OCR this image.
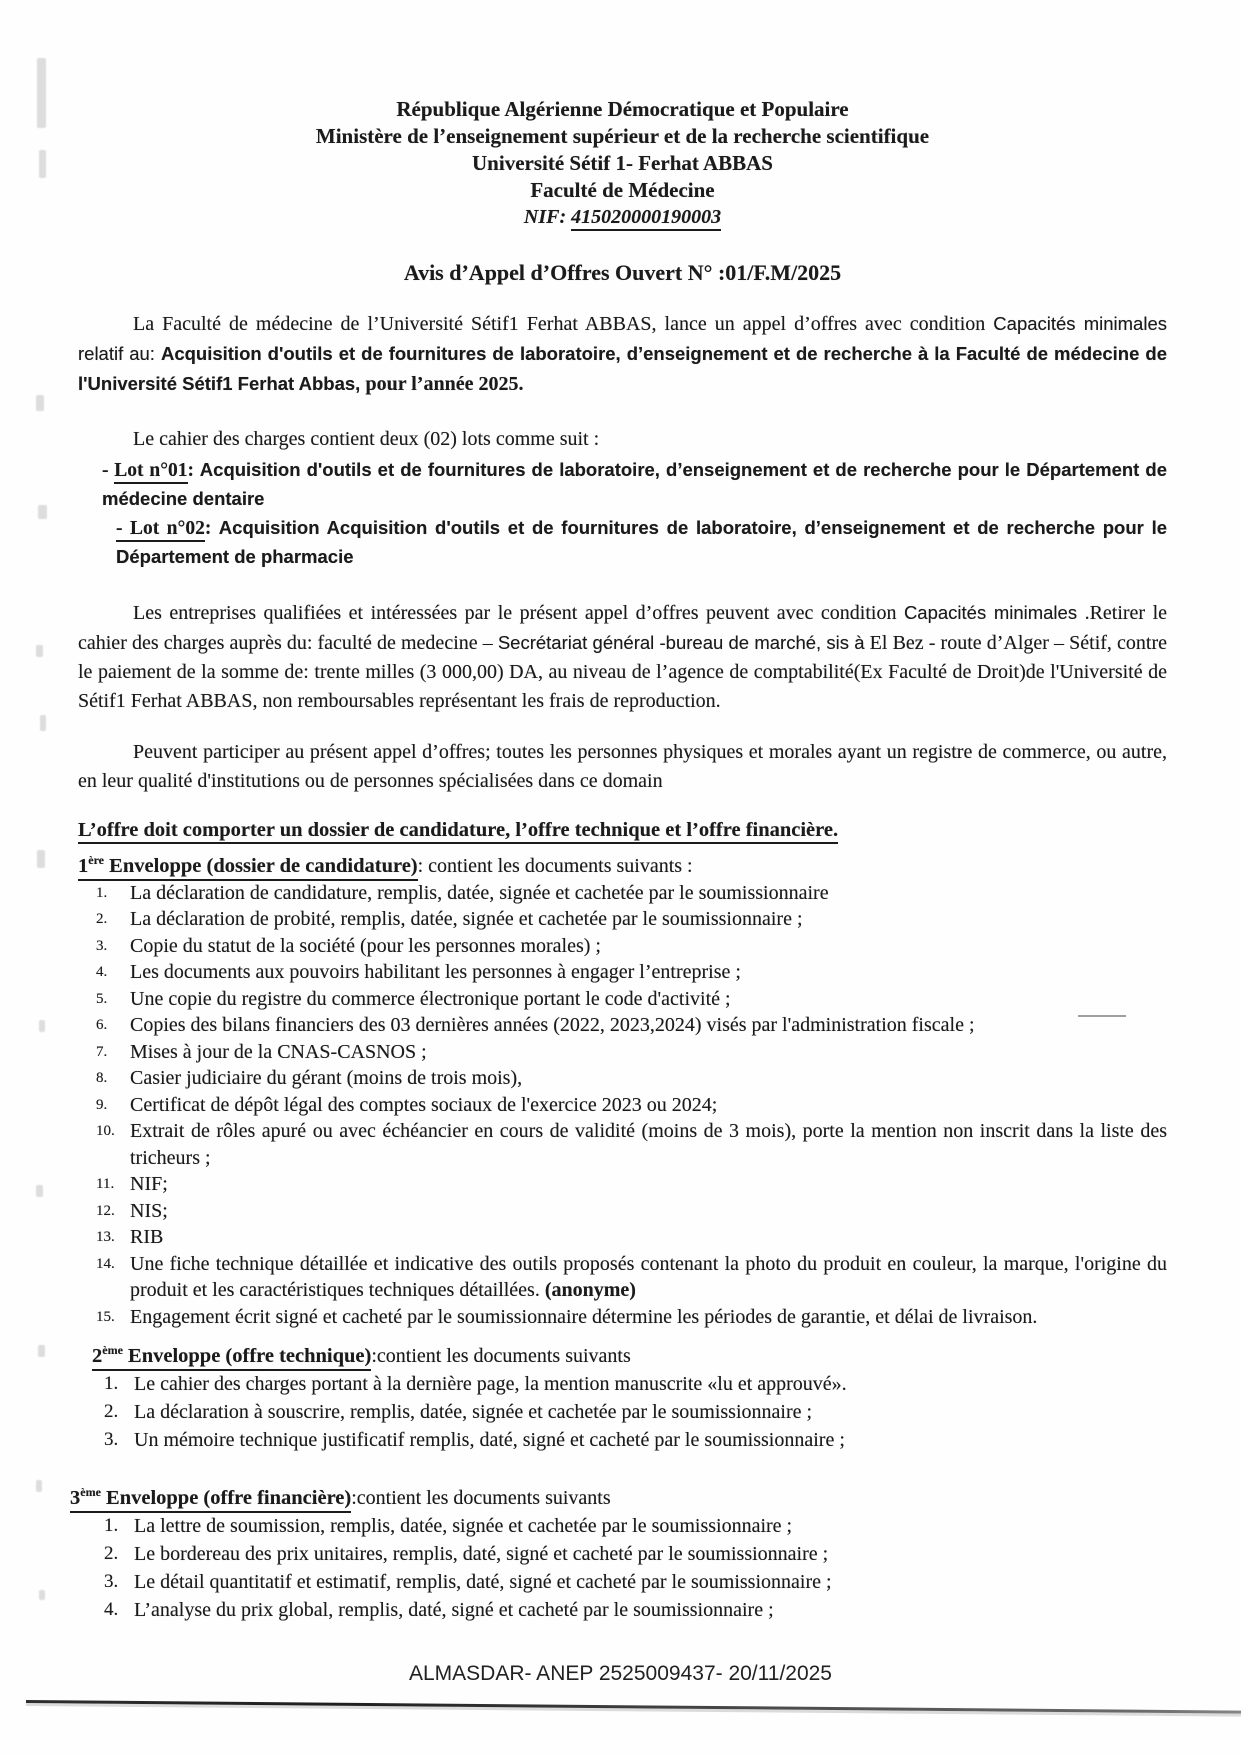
République Algérienne Démocratique et Populaire
Ministère de l’enseignement supérieur et de la recherche scientifique
Université Sétif 1- Ferhat ABBAS
Faculté de Médecine
NIF: 415020000190003
Avis d’Appel d’Offres Ouvert N° :01/F.M/2025

La Faculté de médecine de l’Université Sétif1 Ferhat ABBAS, lance un appel d’offres avec condition Capacités minimales relatif au: Acquisition d'outils et de fournitures de laboratoire, d’enseignement et de recherche à la Faculté de médecine de l'Université Sétif1 Ferhat Abbas, pour l’année 2025.

Le cahier des charges contient deux (02) lots comme suit :

- Lot n°01: Acquisition d'outils et de fournitures de laboratoire, d’enseignement et de recherche pour le Département de médecine dentaire
- Lot n°02: Acquisition Acquisition d'outils et de fournitures de laboratoire, d’enseignement et de recherche pour le Département de pharmacie

Les entreprises qualifiées et intéressées par le présent appel d’offres peuvent avec condition Capacités minimales .Retirer le cahier des charges auprès du: faculté de medecine – Secrétariat général -bureau de marché, sis à El Bez - route d’Alger – Sétif, contre le paiement de la somme de: trente milles (3 000,00) DA, au niveau de l’agence de comptabilité(Ex Faculté de Droit)de l'Université de Sétif1 Ferhat ABBAS, non remboursables représentant les frais de reproduction.

Peuvent participer au présent appel d’offres; toutes les personnes physiques et morales ayant un registre de commerce, ou autre, en leur qualité d'institutions ou de personnes spécialisées dans ce domain

L’offre doit comporter un dossier de candidature, l’offre technique et l’offre financière.
1ère Enveloppe (dossier de candidature): contient les documents suivants :
1. La déclaration de candidature, remplis, datée, signée et cachetée par le soumissionnaire
2. La déclaration de probité, remplis, datée, signée et cachetée par le soumissionnaire ;
3. Copie du statut de la société (pour les personnes morales) ;
4. Les documents aux pouvoirs habilitant les personnes à engager l’entreprise ;
5. Une copie du registre du commerce électronique portant le code d'activité ;
6. Copies des bilans financiers des 03 dernières années (2022, 2023,2024) visés par l'administration fiscale ;
7. Mises à jour de la CNAS-CASNOS ;
8. Casier judiciaire du gérant (moins de trois mois),
9. Certificat de dépôt légal des comptes sociaux de l'exercice 2023 ou 2024;
10. Extrait de rôles apuré ou avec échéancier en cours de validité (moins de 3 mois), porte la mention non inscrit dans la liste des tricheurs ;
11. NIF;
12. NIS;
13. RIB
14. Une fiche technique détaillée et indicative des outils proposés contenant la photo du produit en couleur, la marque, l'origine du produit et les caractéristiques techniques détaillées. (anonyme)
15. Engagement écrit signé et cacheté par le soumissionnaire détermine les périodes de garantie, et délai de livraison.
2ème Enveloppe (offre technique):contient les documents suivants
1. Le cahier des charges portant à la dernière page, la mention manuscrite «lu et approuvé».
2. La déclaration à souscrire, remplis, datée, signée et cachetée par le soumissionnaire ;
3. Un mémoire technique justificatif remplis, daté, signé et cacheté par le soumissionnaire ;
3ème Enveloppe (offre financière):contient les documents suivants
1. La lettre de soumission, remplis, datée, signée et cachetée par le soumissionnaire ;
2. Le bordereau des prix unitaires, remplis, daté, signé et cacheté par le soumissionnaire ;
3. Le détail quantitatif et estimatif, remplis, daté, signé et cacheté par le soumissionnaire ;
4. L’analyse du prix global, remplis, daté, signé et cacheté par le soumissionnaire ;
ALMASDAR- ANEP 2525009437- 20/11/2025
